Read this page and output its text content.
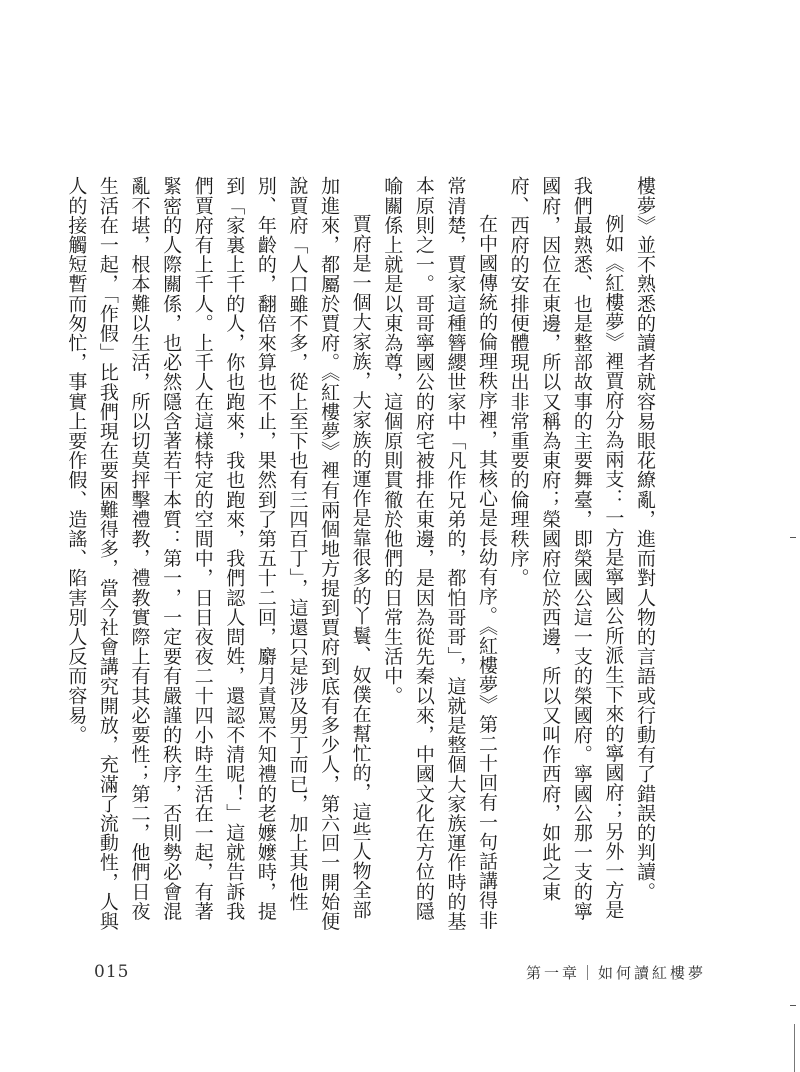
樓夢》並不熟悉的讀者就容易眼花繚亂，進而對人物的言語或行動有了錯誤的判讀。

例如《紅樓夢》裡賈府分為兩支：一方是寧國公所派生下來的寧國府；另外一方是我們最熟悉、也是整部故事的主要舞臺，即榮國公這一支的榮國府。寧國公那一支的寧國府，因位在東邊，所以又稱為東府；榮國府位於西邊，所以又叫作西府，如此之東府、西府的安排便體現出非常重要的倫理秩序。

在中國傳統的倫理秩序裡，其核心是長幼有序。《紅樓夢》第二十回有一句話講得非常清楚，賈家這種簪纓世家中「凡作兄弟的，都怕哥哥」，這就是整個大家族運作時的基本原則之一。哥哥寧國公的府宅被排在東邊，是因為從先秦以來，中國文化在方位的隱喻關係上就是以東為尊，這個原則貫徹於他們的日常生活中。

賈府是一個大家族，大家族的運作是靠很多的丫鬟、奴僕在幫忙的，這些人物全部加進來，都屬於賈府。《紅樓夢》裡有兩個地方提到賈府到底有多少人，第六回一開始便說賈府「人口雖不多，從上至下也有三四百丁」，這還只是涉及男丁而已，加上其他性別、年齡的，翻倍來算也不止，果然到了第五十二回，麝月責罵不知禮的老嬤嬤時，提到「家裏上千的人，你也跑來，我也跑來，我們認人問姓，還認不清呢！」這就告訴我們賈府有上千人。上千人在這樣特定的空間中，日日夜夜二十四小時生活在一起，有著緊密的人際關係，也必然隱含著若干本質：第一，一定要有嚴謹的秩序，否則勢必會混亂不堪，根本難以生活，所以切莫抨擊禮教，禮教實際上有其必要性；第二，他們日夜生活在一起，「作假」比我們現在要困難得多，當今社會講究開放，充滿了流動性，人與人的接觸短暫而匆忙，事實上要作假、造謠、陷害別人反而容易。

015	第一章｜如何讀紅樓夢
